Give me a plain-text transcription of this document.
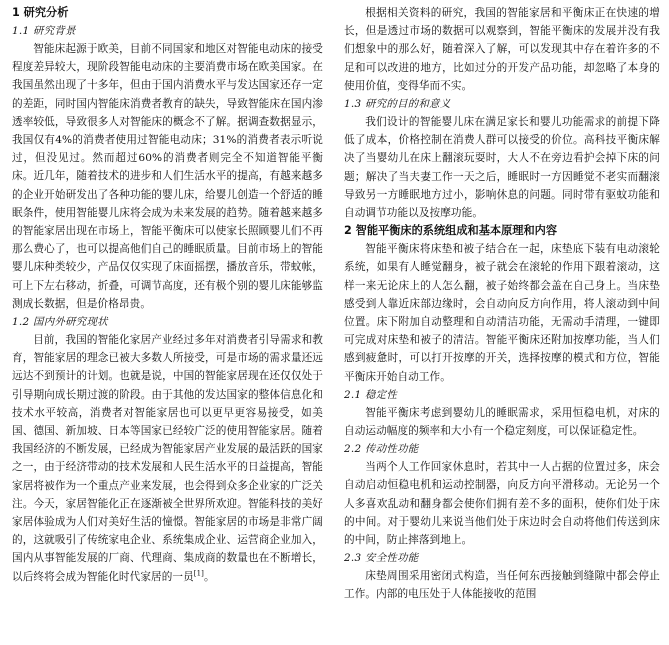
1 研究分析
1.1 研究背景

智能床起源于欧美，目前不同国家和地区对智能电动床的接受程度差异较大，现阶段智能电动床的主要消费市场在欧美国家。在我国虽然出现了十多年，但由于国内消费水平与发达国家还存一定的差距，同时国内智能床消费者教育的缺失，导致智能床在国内渗透率较低，导致很多人对智能床的概念不了解。据调查数据显示，我国仅有4%的消费者使用过智能电动床；31%的消费者表示听说过，但没见过。然而超过60%的消费者则完全不知道智能平衡床。近几年，随着技术的进步和人们生活水平的提高，有越来越多的企业开始研发出了各种功能的婴儿床，给婴儿创造一个舒适的睡眠条件，使用智能婴儿床将会成为未来发展的趋势。随着越来越多的智能家居出现在市场上，智能平衡床可以使家长照顾婴儿们不再那么费心了，也可以提高他们自己的睡眠质量。目前市场上的智能婴儿床种类较少，产品仅仅实现了床面摇摆，播放音乐，带蚊帐，可上下左右移动，折叠，可调节高度，还有极个别的婴儿床能够监测成长数据，但是价格昂贵。

1.2 国内外研究现状

目前，我国的智能化家居产业经过多年对消费者引导需求和教育，智能家居的理念已被大多数人所接受，可是市场的需求量还远远达不到预计的计划。也就是说，中国的智能家居现在还仅仅处于引导期向成长期过渡的阶段。由于其他的发达国家的整体信息化和技术水平较高，消费者对智能家居也可以更早更容易接受，如美国、德国、新加坡、日本等国家已经较广泛的使用智能家居。随着我国经济的不断发展，已经成为智能家居产业发展的最活跃的国家之一，由于经济带动的技术发展和人民生活水平的日益提高，智能家居将被作为一个重点产业来发展，也会得到众多企业家的广泛关注。今天，家居智能化正在逐渐被全世界所欢迎。智能科技的美好家居体验成为人们对美好生活的憧憬。智能家居的市场是非常广阔的，这就吸引了传统家电企业、系统集成企业、运营商企业加入，国内从事智能发展的厂商、代理商、集成商的数量也在不断增长，以后终将会成为智能化时代家居的一员[1]。

根据相关资料的研究，我国的智能家居和平衡床正在快速的增长，但是透过市场的数据可以观察到，智能平衡床的发展并没有我们想象中的那么好，随着深入了解，可以发现其中存在着许多的不足和可以改进的地方，比如过分的开发产品功能，却忽略了本身的使用价值，变得华而不实。

1.3 研究的目的和意义

我们设计的智能婴儿床在满足家长和婴儿功能需求的前提下降低了成本，价格控制在消费人群可以接受的价位。高科技平衡床解决了当婴幼儿在床上翻滚玩耍时，大人不在旁边看护会掉下床的问题；解决了当夫妻工作一天之后，睡眠时一方因睡觉不老实而翻滚导致另一方睡眠地方过小，影响休息的问题。同时带有驱蚊功能和自动调节功能以及按摩功能。

2 智能平衡床的系统组成和基本原理和内容

智能平衡床将床垫和被子结合在一起，床垫底下装有电动滚轮系统，如果有人睡觉翻身，被子就会在滚轮的作用下跟着滚动，这样一来无论床上的人怎么翻，被子始终都会盖在自己身上。当床垫感受到人靠近床部边缘时，会自动向反方向作用，将人滚动到中间位置。床下附加自动整理和自动清洁功能，无需动手清理，一键即可完成对床垫和被子的清洁。智能平衡床还附加按摩功能，当人们感到疲惫时，可以打开按摩的开关，选择按摩的模式和方位，智能平衡床开始自动工作。

2.1 稳定性

智能平衡床考虑到婴幼儿的睡眠需求，采用恒稳电机，对床的自动运动幅度的频率和大小有一个稳定刻度，可以保证稳定性。

2.2 传动性功能

当两个人工作回家休息时，若其中一人占据的位置过多，床会自动启动恒稳电机和运动控制器，向反方向平滑移动。无论另一个人多喜欢乱动和翻身都会使你们拥有差不多的面积，使你们处于床的中间。对于婴幼儿来说当他们处于床边时会自动将他们传送到床的中间，防止摔落到地上。

2.3 安全性功能

床垫周围采用密闭式构造，当任何东西接触到缝隙中都会停止工作。内部的电压处于人体能接收的范围
